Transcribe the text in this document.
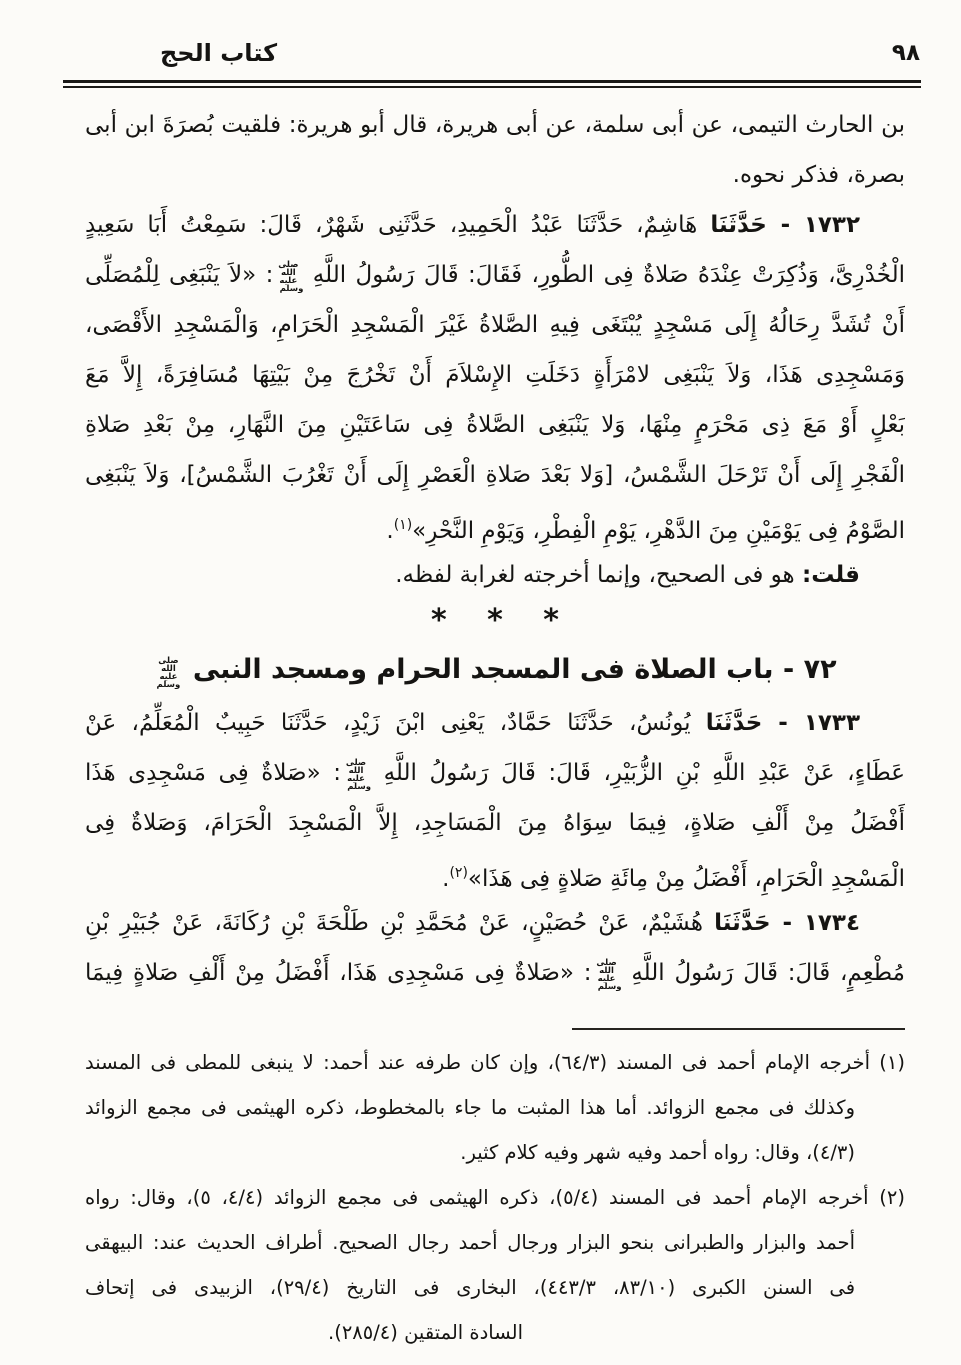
كتاب الحج	٩٨
بن الحارث التيمى، عن أبى سلمة، عن أبى هريرة، قال أبو هريرة: فلقيت بُصرَةَ ابن أبى
بصرة، فذكر نحوه.
١٧٣٢ - حَدَّثَنَا هَاشِمٌ، حَدَّثَنَا عَبْدُ الْحَمِيدِ، حَدَّثَنِى شَهْرٌ، قَالَ: سَمِعْتُ أَبَا سَعِيدٍ
الْخُدْرِىَّ، وَذُكِرَتْ عِنْدَهُ صَلاةٌ فِى الطُّورِ، فَقَالَ: قَالَ رَسُولُ اللَّهِ صلى الله عليه وسلم: «لاَ يَنْبَغِى لِلْمُصَلِّى
أَنْ تُشَدَّ رِحَالُهُ إِلَى مَسْجِدٍ يُبْتَغَى فِيهِ الصَّلاةُ غَيْرَ الْمَسْجِدِ الْحَرَامِ، وَالْمَسْجِدِ الأَقْصَى،
وَمَسْجِدِى هَذَا، وَلاَ يَنْبَغِى لامْرَأَةٍ دَخَلَتِ الإِسْلاَمَ أَنْ تَخْرُجَ مِنْ بَيْتِهَا مُسَافِرَةً، إِلاَّ مَعَ
بَعْلٍ أَوْ مَعَ ذِى مَحْرَمٍ مِنْهَا، وَلا يَنْبَغِى الصَّلاةُ فِى سَاعَتَيْنِ مِنَ النَّهَارِ، مِنْ بَعْدِ صَلاةِ
الْفَجْرِ إِلَى أَنْ تَرْحَلَ الشَّمْسُ، [وَلا بَعْدَ صَلاةِ الْعَصْرِ إِلَى أَنْ تَغْرُبَ الشَّمْسُ]، وَلاَ يَنْبَغِى
الصَّوْمُ فِى يَوْمَيْنِ مِنَ الدَّهْرِ، يَوْمِ الْفِطْرِ، وَيَوْمِ النَّحْرِ»$^{(١)}$.
قلت: هو فى الصحيح، وإنما أخرجته لغرابة لفظه.
* * *
٧٢ - باب الصلاة فى المسجد الحرام ومسجد النبى صلى الله عليه وسلم
١٧٣٣ - حَدَّثَنَا يُونُسُ، حَدَّثَنَا حَمَّادٌ، يَعْنِى ابْنَ زَيْدٍ، حَدَّثَنَا حَبِيبٌ الْمُعَلِّمُ، عَنْ
عَطَاءٍ، عَنْ عَبْدِ اللَّهِ بْنِ الزُّبَيْرِ، قَالَ: قَالَ رَسُولُ اللَّهِ صلى الله عليه وسلم: «صَلاةٌ فِى مَسْجِدِى هَذَا
أَفْضَلُ مِنْ أَلْفِ صَلاةٍ، فِيمَا سِوَاهُ مِنَ الْمَسَاجِدِ، إِلاَّ الْمَسْجِدَ الْحَرَامَ، وَصَلاةٌ فِى
الْمَسْجِدِ الْحَرَامِ، أَفْضَلُ مِنْ مِائَةِ صَلاةٍ فِى هَذَا»$^{(٢)}$.
١٧٣٤ - حَدَّثَنَا هُشَيْمٌ، عَنْ حُصَيْنٍ، عَنْ مُحَمَّدِ بْنِ طَلْحَةَ بْنِ رُكَانَةَ، عَنْ جُبَيْرِ بْنِ
مُطْعِمٍ، قَالَ: قَالَ رَسُولُ اللَّهِ صلى الله عليه وسلم: «صَلاةٌ فِى مَسْجِدِى هَذَا، أَفْضَلُ مِنْ أَلْفِ صَلاةٍ فِيمَا
(١) أخرجه الإمام أحمد فى المسند (٦٤/٣)، وإن كان طرفه عند أحمد: لا ينبغى للمطى فى المسند
وكذلك فى مجمع الزوائد. أما هذا المثبت ما جاء بالمخطوط، ذكره الهيثمى فى مجمع الزوائد
(٤/٣)، وقال: رواه أحمد وفيه شهر وفيه كلام كثير.
(٢) أخرجه الإمام أحمد فى المسند (٥/٤)، ذكره الهيثمى فى مجمع الزوائد (٤/٤، ٥)، وقال: رواه
أحمد والبزار والطبرانى بنحو البزار ورجال أحمد رجال الصحيح. أطراف الحديث عند: البيهقى
فى السنن الكبرى (٨٣/١٠، ٤٤٣/٣)، البخارى فى التاريخ (٢٩/٤)، الزبيدى فى إتحاف
السادة المتقين (٢٨٥/٤).
